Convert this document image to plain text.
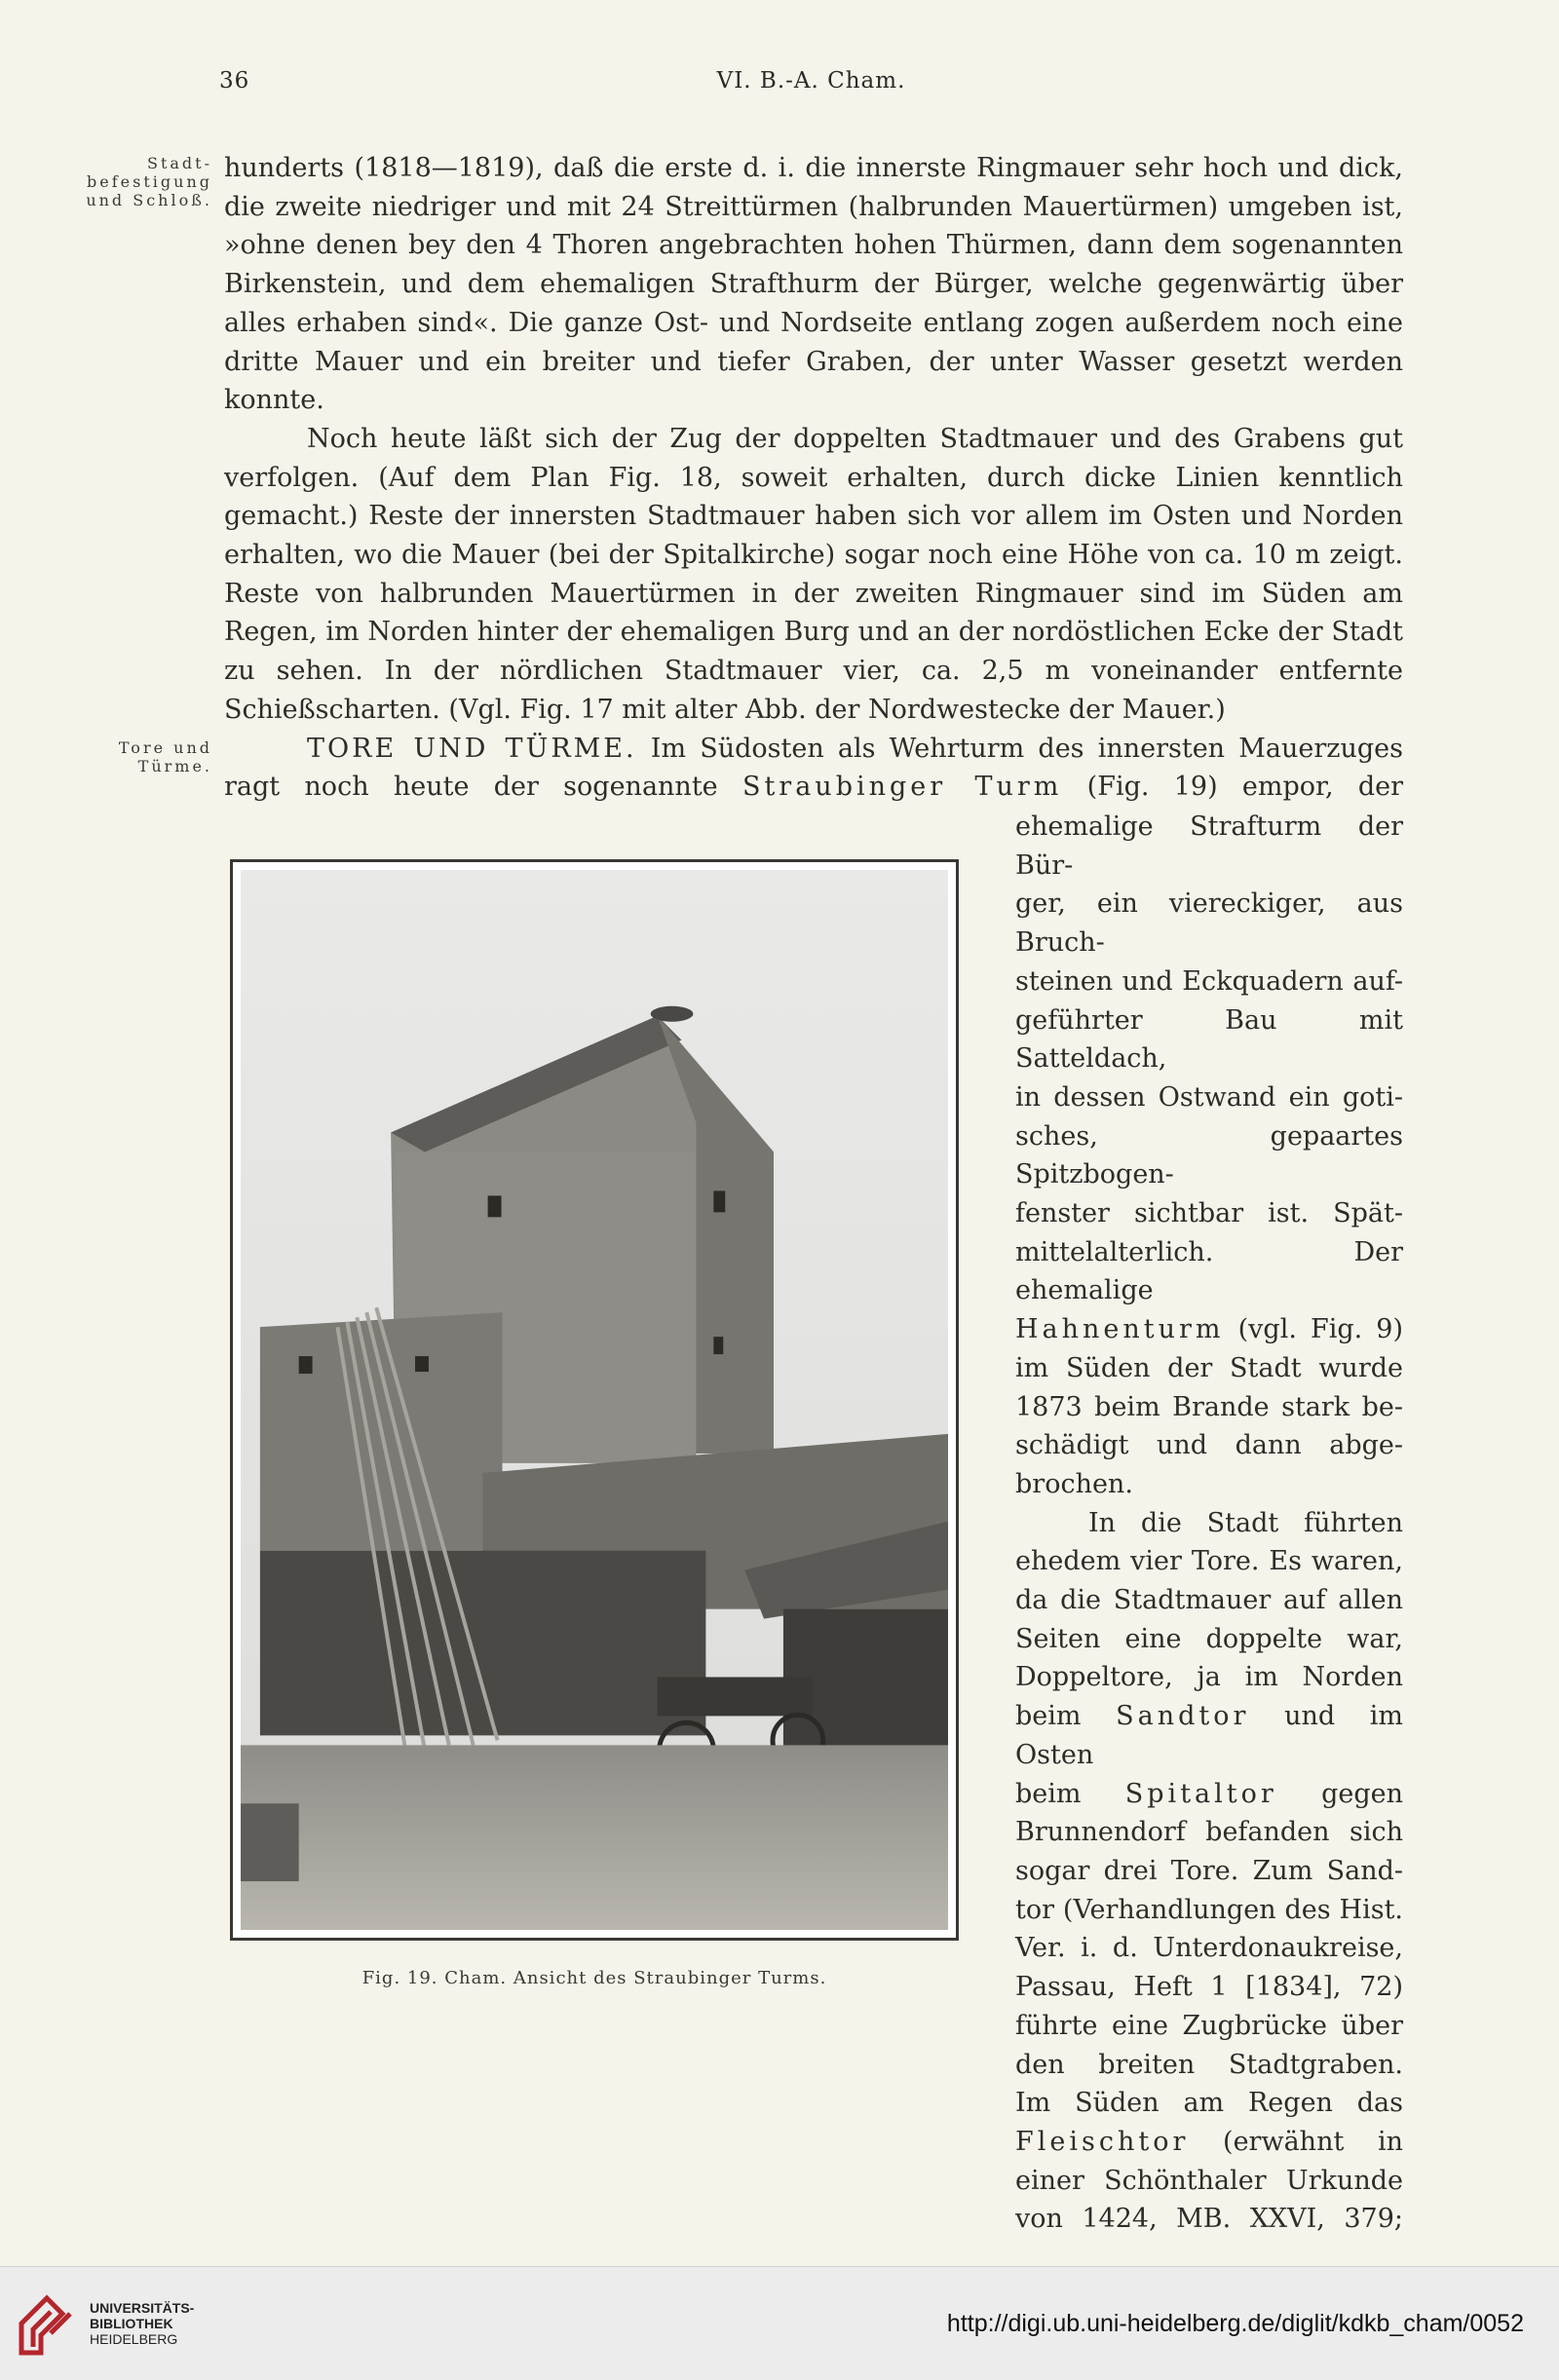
36	VI. B.-A. Cham.
Stadt-
befestigung
und Schloß.
Tore und
Türme.

hunderts (1818—1819), daß die erste d. i. die innerste Ringmauer sehr hoch und dick, die zweite niedriger und mit 24 Streittürmen (halbrunden Mauertürmen) umgeben ist, »ohne denen bey den 4 Thoren angebrachten hohen Thürmen, dann dem sogenannten Birkenstein, und dem ehemaligen Strafthurm der Bürger, welche gegenwärtig über alles erhaben sind«. Die ganze Ost- und Nordseite entlang zogen außerdem noch eine dritte Mauer und ein breiter und tiefer Graben, der unter Wasser gesetzt werden konnte.

Noch heute läßt sich der Zug der doppelten Stadtmauer und des Grabens gut verfolgen. (Auf dem Plan Fig. 18, soweit erhalten, durch dicke Linien kenntlich gemacht.) Reste der innersten Stadtmauer haben sich vor allem im Osten und Norden erhalten, wo die Mauer (bei der Spitalkirche) sogar noch eine Höhe von ca. 10 m zeigt. Reste von halbrunden Mauertürmen in der zweiten Ringmauer sind im Süden am Regen, im Norden hinter der ehemaligen Burg und an der nordöstlichen Ecke der Stadt zu sehen. In der nördlichen Stadtmauer vier, ca. 2,5 m voneinander entfernte Schießscharten. (Vgl. Fig. 17 mit alter Abb. der Nordwestecke der Mauer.)

TORE UND TÜRME. Im Südosten als Wehrturm des innersten Mauerzuges ragt noch heute der sogenannte Straubinger Turm (Fig. 19) empor, der

ehemalige Strafturm der Bür-
ger, ein viereckiger, aus Bruch-
steinen und Eckquadern auf-
geführter Bau mit Satteldach,
in dessen Ostwand ein goti-
sches, gepaartes Spitzbogen-
fenster sichtbar ist. Spät-
mittelalterlich. Der ehemalige
Hahnenturm (vgl. Fig. 9)
im Süden der Stadt wurde
1873 beim Brande stark be-
schädigt und dann abge-
brochen.
In die Stadt führten
ehedem vier Tore. Es waren,
da die Stadtmauer auf allen
Seiten eine doppelte war,
Doppeltore, ja im Norden
beim Sandtor und im Osten
beim Spitaltor gegen
Brunnendorf befanden sich
sogar drei Tore. Zum Sand-
tor (Verhandlungen des Hist.
Ver. i. d. Unterdonaukreise,
Passau, Heft 1 [1834], 72)
führte eine Zugbrücke über
den breiten Stadtgraben.
Im Süden am Regen das
Fleischtor (erwähnt in
einer Schönthaler Urkunde
von 1424, MB. XXVI, 379;
Fig. 19. Cham. Ansicht des Straubinger Turms.
UNIVERSITÄTS-
BIBLIOTHEK
HEIDELBERG
http://digi.ub.uni-heidelberg.de/diglit/kdkb_cham/0052
